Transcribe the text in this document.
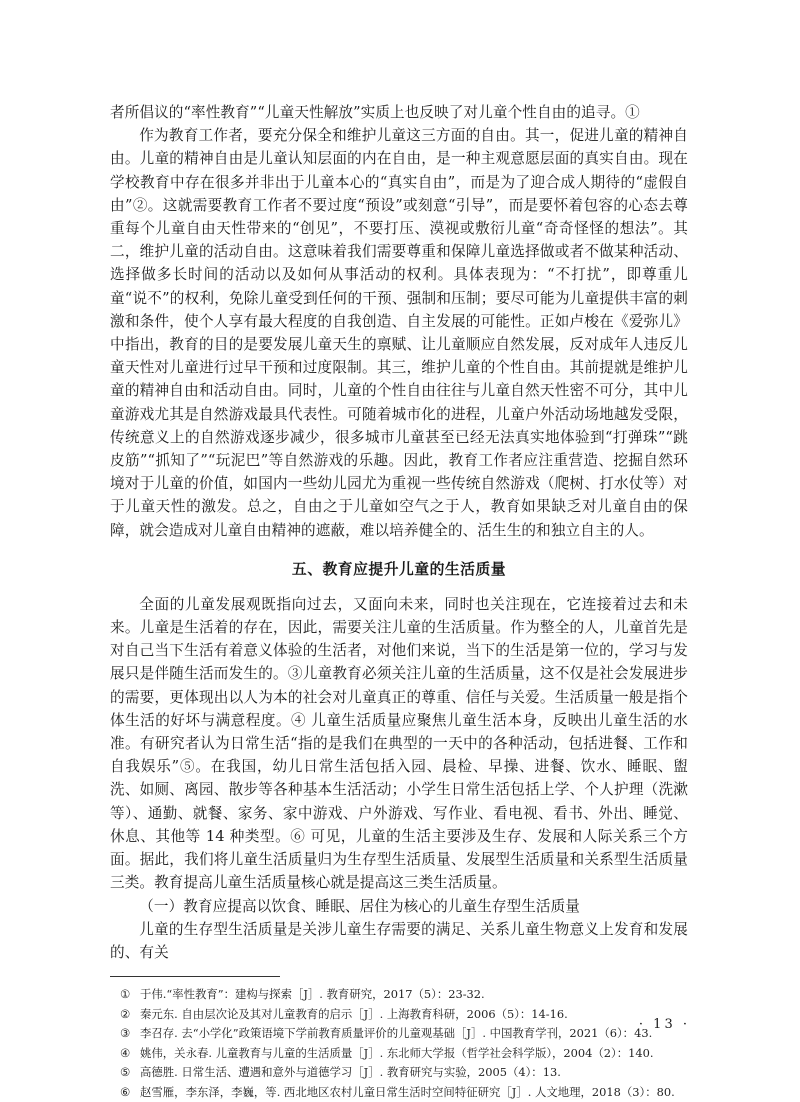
者所倡议的“率性教育”“儿童天性解放”实质上也反映了对儿童个性自由的追寻。①

作为教育工作者，要充分保全和维护儿童这三方面的自由。其一，促进儿童的精神自由。儿童的精神自由是儿童认知层面的内在自由，是一种主观意愿层面的真实自由。现在学校教育中存在很多并非出于儿童本心的“真实自由”，而是为了迎合成人期待的“虚假自由”②。这就需要教育工作者不要过度“预设”或刻意“引导”，而是要怀着包容的心态去尊重每个儿童自由天性带来的“创见”，不要打压、漠视或敷衍儿童“奇奇怪怪的想法”。其二，维护儿童的活动自由。这意味着我们需要尊重和保障儿童选择做或者不做某种活动、选择做多长时间的活动以及如何从事活动的权利。具体表现为：“不打扰”，即尊重儿童“说不”的权利，免除儿童受到任何的干预、强制和压制；要尽可能为儿童提供丰富的刺激和条件，使个人享有最大程度的自我创造、自主发展的可能性。正如卢梭在《爱弥儿》中指出，教育的目的是要发展儿童天生的禀赋、让儿童顺应自然发展，反对成年人违反儿童天性对儿童进行过早干预和过度限制。其三，维护儿童的个性自由。其前提就是维护儿童的精神自由和活动自由。同时，儿童的个性自由往往与儿童自然天性密不可分，其中儿童游戏尤其是自然游戏最具代表性。可随着城市化的进程，儿童户外活动场地越发受限，传统意义上的自然游戏逐步减少，很多城市儿童甚至已经无法真实地体验到“打弹珠”“跳皮筋”“抓知了”“玩泥巴”等自然游戏的乐趣。因此，教育工作者应注重营造、挖掘自然环境对于儿童的价值，如国内一些幼儿园尤为重视一些传统自然游戏（爬树、打水仗等）对于儿童天性的激发。总之，自由之于儿童如空气之于人，教育如果缺乏对儿童自由的保障，就会造成对儿童自由精神的遮蔽，难以培养健全的、活生生的和独立自主的人。

五、教育应提升儿童的生活质量

全面的儿童发展观既指向过去，又面向未来，同时也关注现在，它连接着过去和未来。儿童是生活着的存在，因此，需要关注儿童的生活质量。作为整全的人，儿童首先是对自己当下生活有着意义体验的生活者，对他们来说，当下的生活是第一位的，学习与发展只是伴随生活而发生的。③儿童教育必须关注儿童的生活质量，这不仅是社会发展进步的需要，更体现出以人为本的社会对儿童真正的尊重、信任与关爱。生活质量一般是指个体生活的好坏与满意程度。④ 儿童生活质量应聚焦儿童生活本身，反映出儿童生活的水准。有研究者认为日常生活“指的是我们在典型的一天中的各种活动，包括进餐、工作和自我娱乐”⑤。在我国，幼儿日常生活包括入园、晨检、早操、进餐、饮水、睡眠、盥洗、如厕、离园、散步等各种基本生活活动；小学生日常生活包括上学、个人护理（洗漱等）、通勤、就餐、家务、家中游戏、户外游戏、写作业、看电视、看书、外出、睡觉、休息、其他等 14 种类型。⑥ 可见，儿童的生活主要涉及生存、发展和人际关系三个方面。据此，我们将儿童生活质量归为生存型生活质量、发展型生活质量和关系型生活质量三类。教育提高儿童生活质量核心就是提高这三类生活质量。

（一）教育应提高以饮食、睡眠、居住为核心的儿童生存型生活质量

儿童的生存型生活质量是关涉儿童生存需要的满足、关系儿童生物意义上发育和发展的、有关

① 于伟.“率性教育”：建构与探索［J］. 教育研究，2017（5）：23-32.
② 秦元东. 自由层次论及其对儿童教育的启示［J］. 上海教育科研，2006（5）：14-16.
③ 李召存. 去“小学化”政策语境下学前教育质量评价的儿童观基础［J］. 中国教育学刊，2021（6）：43.
④ 姚伟，关永春. 儿童教育与儿童的生活质量［J］. 东北师大学报（哲学社会科学版），2004（2）：140.
⑤ 高德胜. 日常生活、遭遇和意外与道德学习［J］. 教育研究与实验，2005（4）：13.
⑥ 赵雪雁，李东泽，李巍，等. 西北地区农村儿童日常生活时空间特征研究［J］. 人文地理，2018（3）：80.
· 13 ·
